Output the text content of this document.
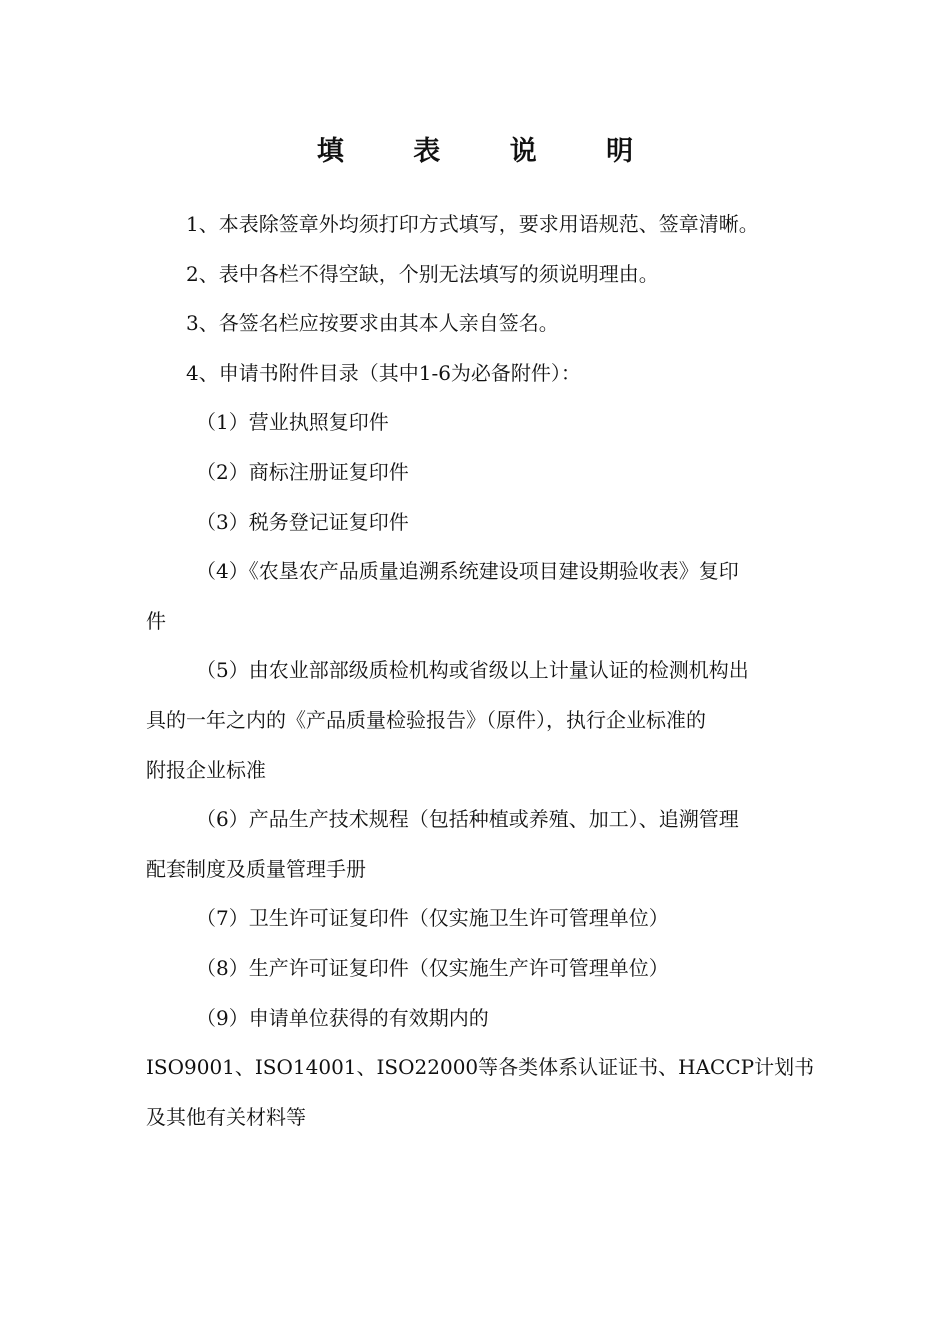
填 表 说 明
1、本表除签章外均须打印方式填写，要求用语规范、签章清晰。
2、表中各栏不得空缺，个别无法填写的须说明理由。
3、各签名栏应按要求由其本人亲自签名。
4、申请书附件目录（其中1-6为必备附件）：
（1）营业执照复印件
（2）商标注册证复印件
（3）税务登记证复印件
（4）《农垦农产品质量追溯系统建设项目建设期验收表》复印
件
（5）由农业部部级质检机构或省级以上计量认证的检测机构出
具的一年之内的《产品质量检验报告》（原件），执行企业标准的
附报企业标准
（6）产品生产技术规程（包括种植或养殖、加工）、追溯管理
配套制度及质量管理手册
（7）卫生许可证复印件（仅实施卫生许可管理单位）
（8）生产许可证复印件（仅实施生产许可管理单位）
（9）申请单位获得的有效期内的
ISO9001、ISO14001、ISO22000等各类体系认证证书、HACCP计划书
及其他有关材料等
